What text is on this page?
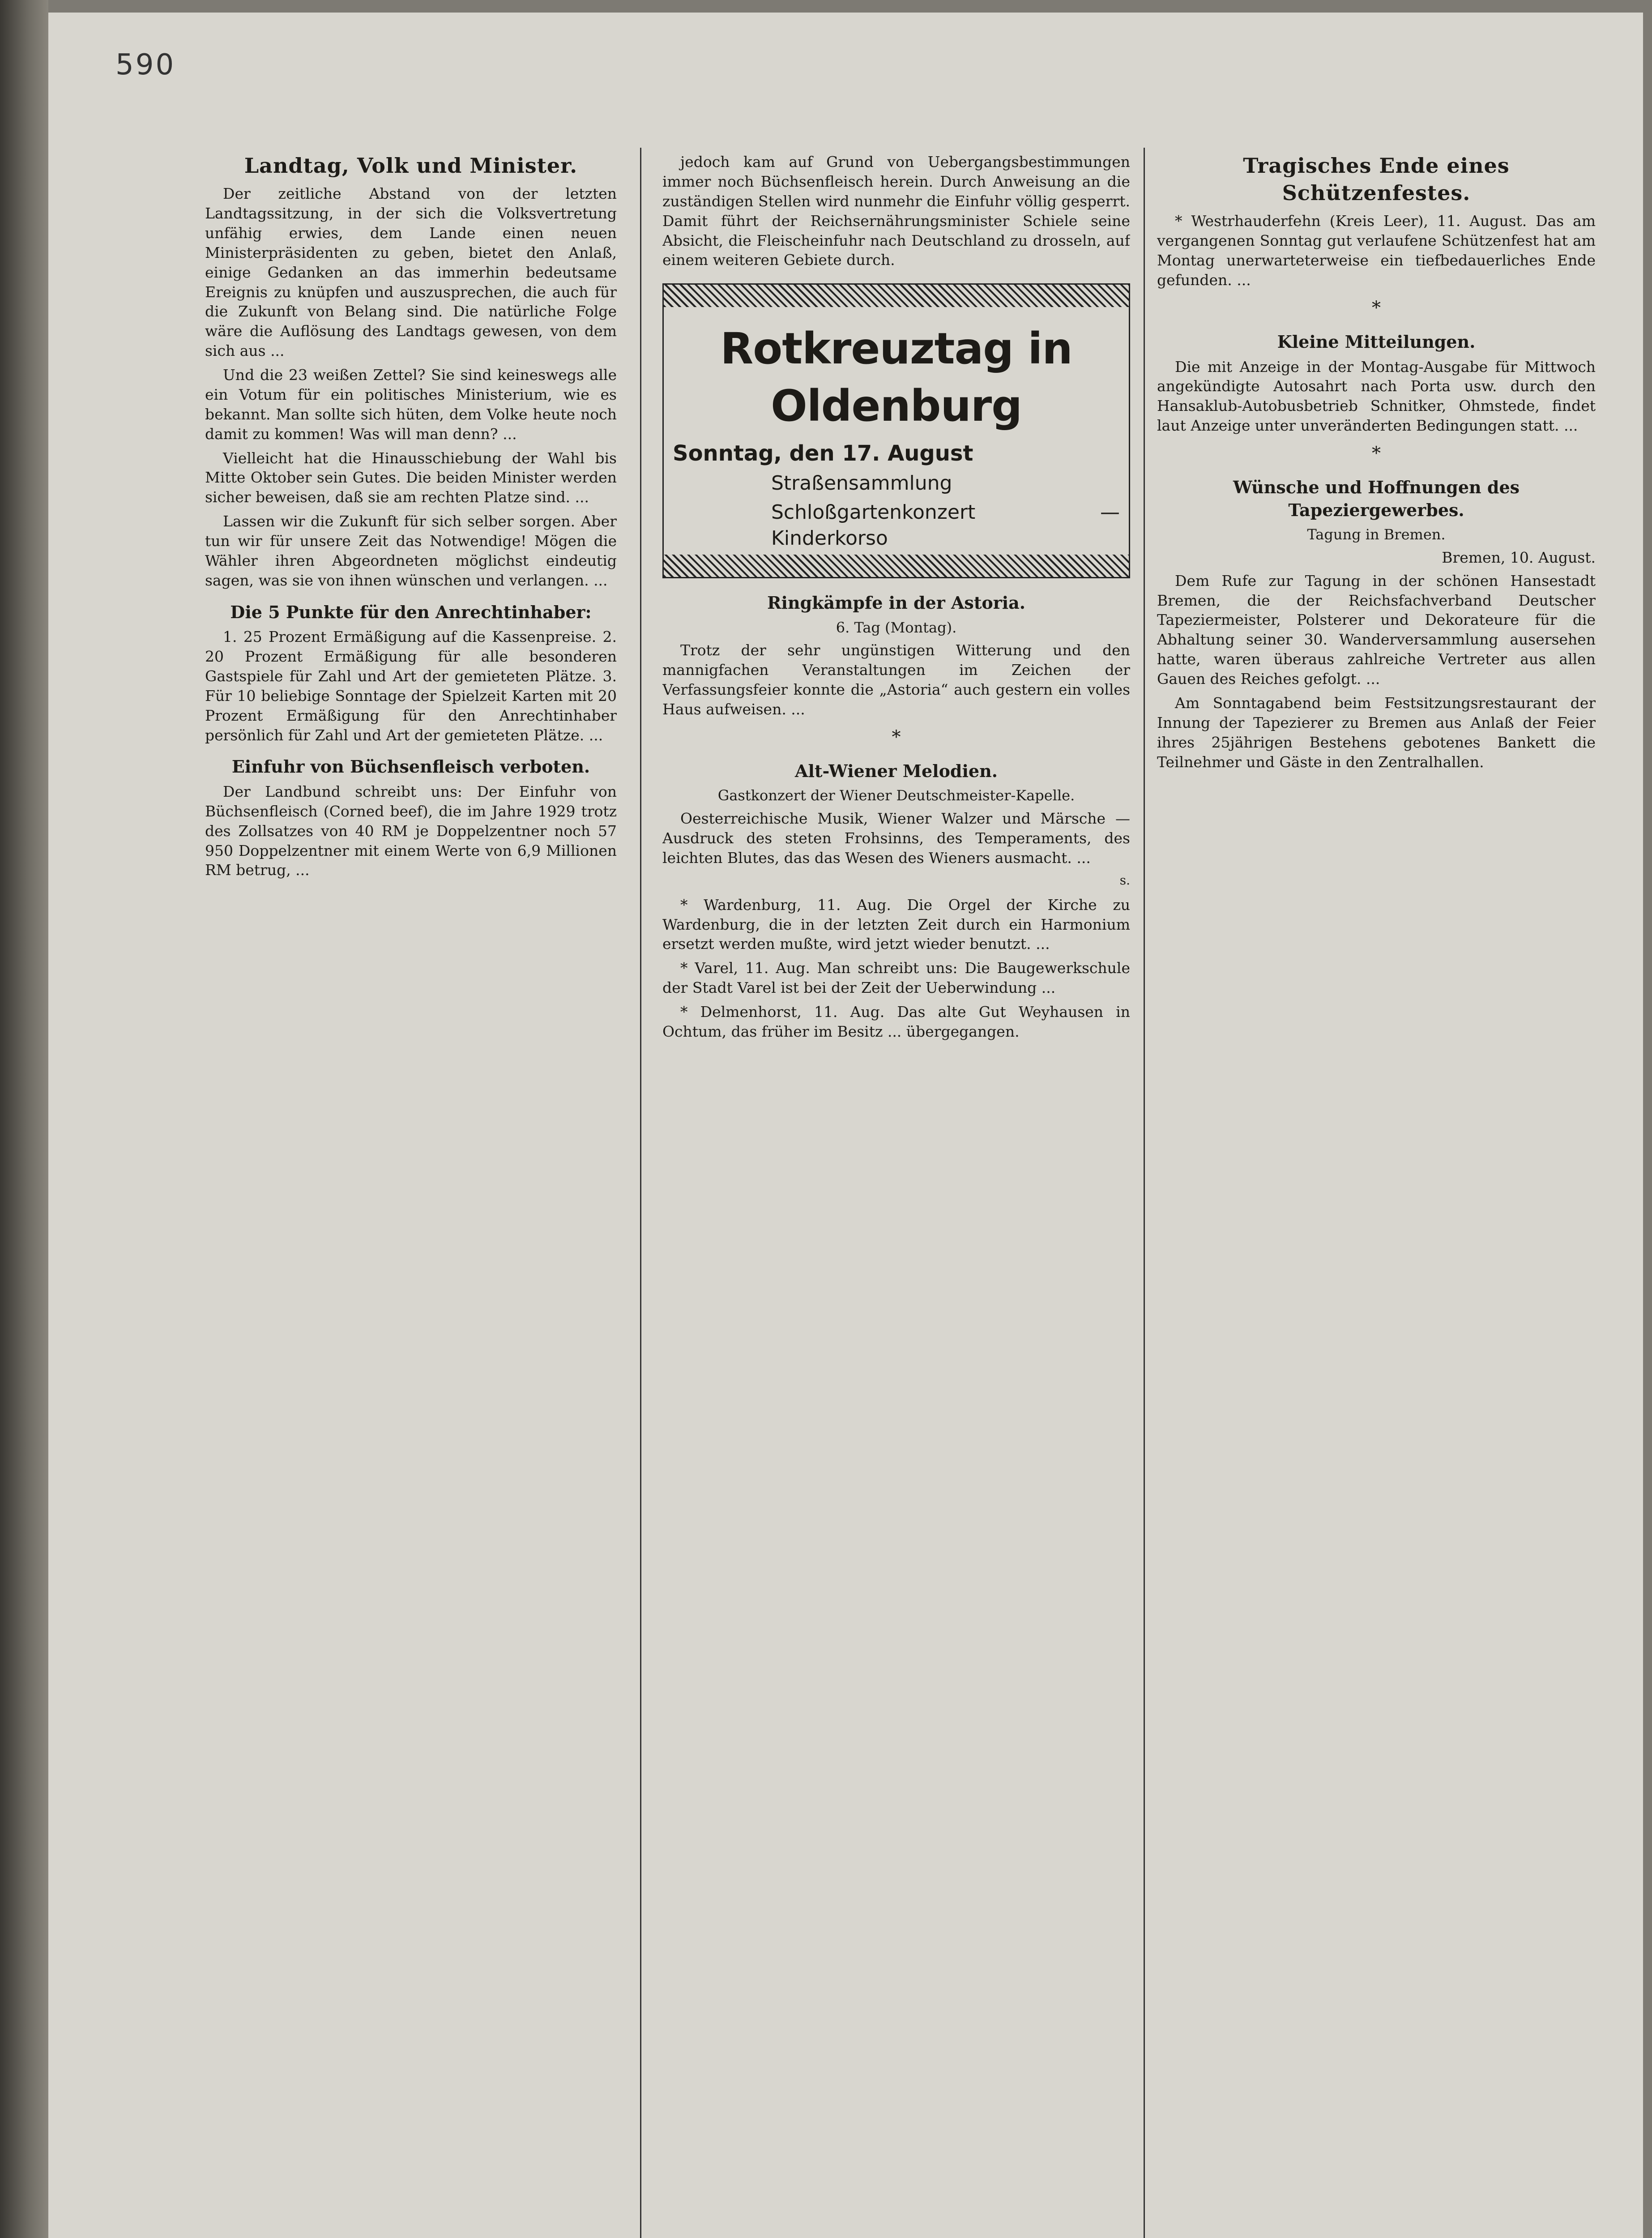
590
Landtag, Volk und Minister.

Der zeitliche Abstand von der letzten Landtagssitzung, in der sich die Volksvertretung unfähig erwies, dem Lande einen neuen Ministerpräsidenten zu geben, bietet den Anlaß, einige Gedanken an das immerhin bedeutsame Ereignis zu knüpfen und auszusprechen, die auch für die Zukunft von Belang sind. Die natürliche Folge wäre die Auflösung des Landtags gewesen, von dem sich aus ...

Und die 23 weißen Zettel? Sie sind keineswegs alle ein Votum für ein politisches Ministerium, wie es bekannt. Man sollte sich hüten, dem Volke heute noch damit zu kommen! Was will man denn? ...

Vielleicht hat die Hinausschiebung der Wahl bis Mitte Oktober sein Gutes. Die beiden Minister werden sicher beweisen, daß sie am rechten Platze sind. ...

Lassen wir die Zukunft für sich selber sorgen. Aber tun wir für unsere Zeit das Notwendige! Mögen die Wähler ihren Abgeordneten möglichst eindeutig sagen, was sie von ihnen wünschen und verlangen. ...

Die 5 Punkte für den Anrechtinhaber:

1. 25 Prozent Ermäßigung auf die Kassenpreise. 2. 20 Prozent Ermäßigung für alle besonderen Gastspiele für Zahl und Art der gemieteten Plätze. 3. Für 10 beliebige Sonntage der Spielzeit Karten mit 20 Prozent Ermäßigung für den Anrechtinhaber persönlich für Zahl und Art der gemieteten Plätze. ...

Einfuhr von Büchsenfleisch verboten.

Der Landbund schreibt uns: Der Einfuhr von Büchsenfleisch (Corned beef), die im Jahre 1929 trotz des Zollsatzes von 40 RM je Doppelzentner noch 57 950 Doppelzentner mit einem Werte von 6,9 Millionen RM betrug, ...

jedoch kam auf Grund von Uebergangsbestimmungen immer noch Büchsenfleisch herein. Durch Anweisung an die zuständigen Stellen wird nunmehr die Einfuhr völlig gesperrt. Damit führt der Reichsernährungsminister Schiele seine Absicht, die Fleischeinfuhr nach Deutschland zu drosseln, auf einem weiteren Gebiete durch.

Rotkreuztag in Oldenburg
Sonntag, den 17. August
Straßensammlung
Schloßgartenkonzert — Kinderkorso
Ringkämpfe in der Astoria.

6. Tag (Montag).

Trotz der sehr ungünstigen Witterung und den mannigfachen Veranstaltungen im Zeichen der Verfassungsfeier konnte die „Astoria“ auch gestern ein volles Haus aufweisen. ...

*
Alt-Wiener Melodien.

Gastkonzert der Wiener Deutschmeister-Kapelle.

Oesterreichische Musik, Wiener Walzer und Märsche — Ausdruck des steten Frohsinns, des Temperaments, des leichten Blutes, das das Wesen des Wieners ausmacht. ...

s.

* Wardenburg, 11. Aug. Die Orgel der Kirche zu Wardenburg, die in der letzten Zeit durch ein Harmonium ersetzt werden mußte, wird jetzt wieder benutzt. ...

* Varel, 11. Aug. Man schreibt uns: Die Baugewerkschule der Stadt Varel ist bei der Zeit der Ueberwindung ...

* Delmenhorst, 11. Aug. Das alte Gut Weyhausen in Ochtum, das früher im Besitz ... übergegangen.

Tragisches Ende eines Schützenfestes.

* Westrhauderfehn (Kreis Leer), 11. August. Das am vergangenen Sonntag gut verlaufene Schützenfest hat am Montag unerwarteterweise ein tiefbedauerliches Ende gefunden. ...

*
Kleine Mitteilungen.

Die mit Anzeige in der Montag-Ausgabe für Mittwoch angekündigte Autosahrt nach Porta usw. durch den Hansaklub-Autobusbetrieb Schnitker, Ohmstede, findet laut Anzeige unter unveränderten Bedingungen statt. ...

*
Wünsche und Hoffnungen des Tapeziergewerbes.

Tagung in Bremen.

Bremen, 10. August.

Dem Rufe zur Tagung in der schönen Hansestadt Bremen, die der Reichsfachverband Deutscher Tapeziermeister, Polsterer und Dekorateure für die Abhaltung seiner 30. Wanderversammlung ausersehen hatte, waren überaus zahlreiche Vertreter aus allen Gauen des Reiches gefolgt. ...

Am Sonntagabend beim Festsitzungsrestaurant der Innung der Tapezierer zu Bremen aus Anlaß der Feier ihres 25jährigen Bestehens gebotenes Bankett die Teilnehmer und Gäste in den Zentralhallen.
